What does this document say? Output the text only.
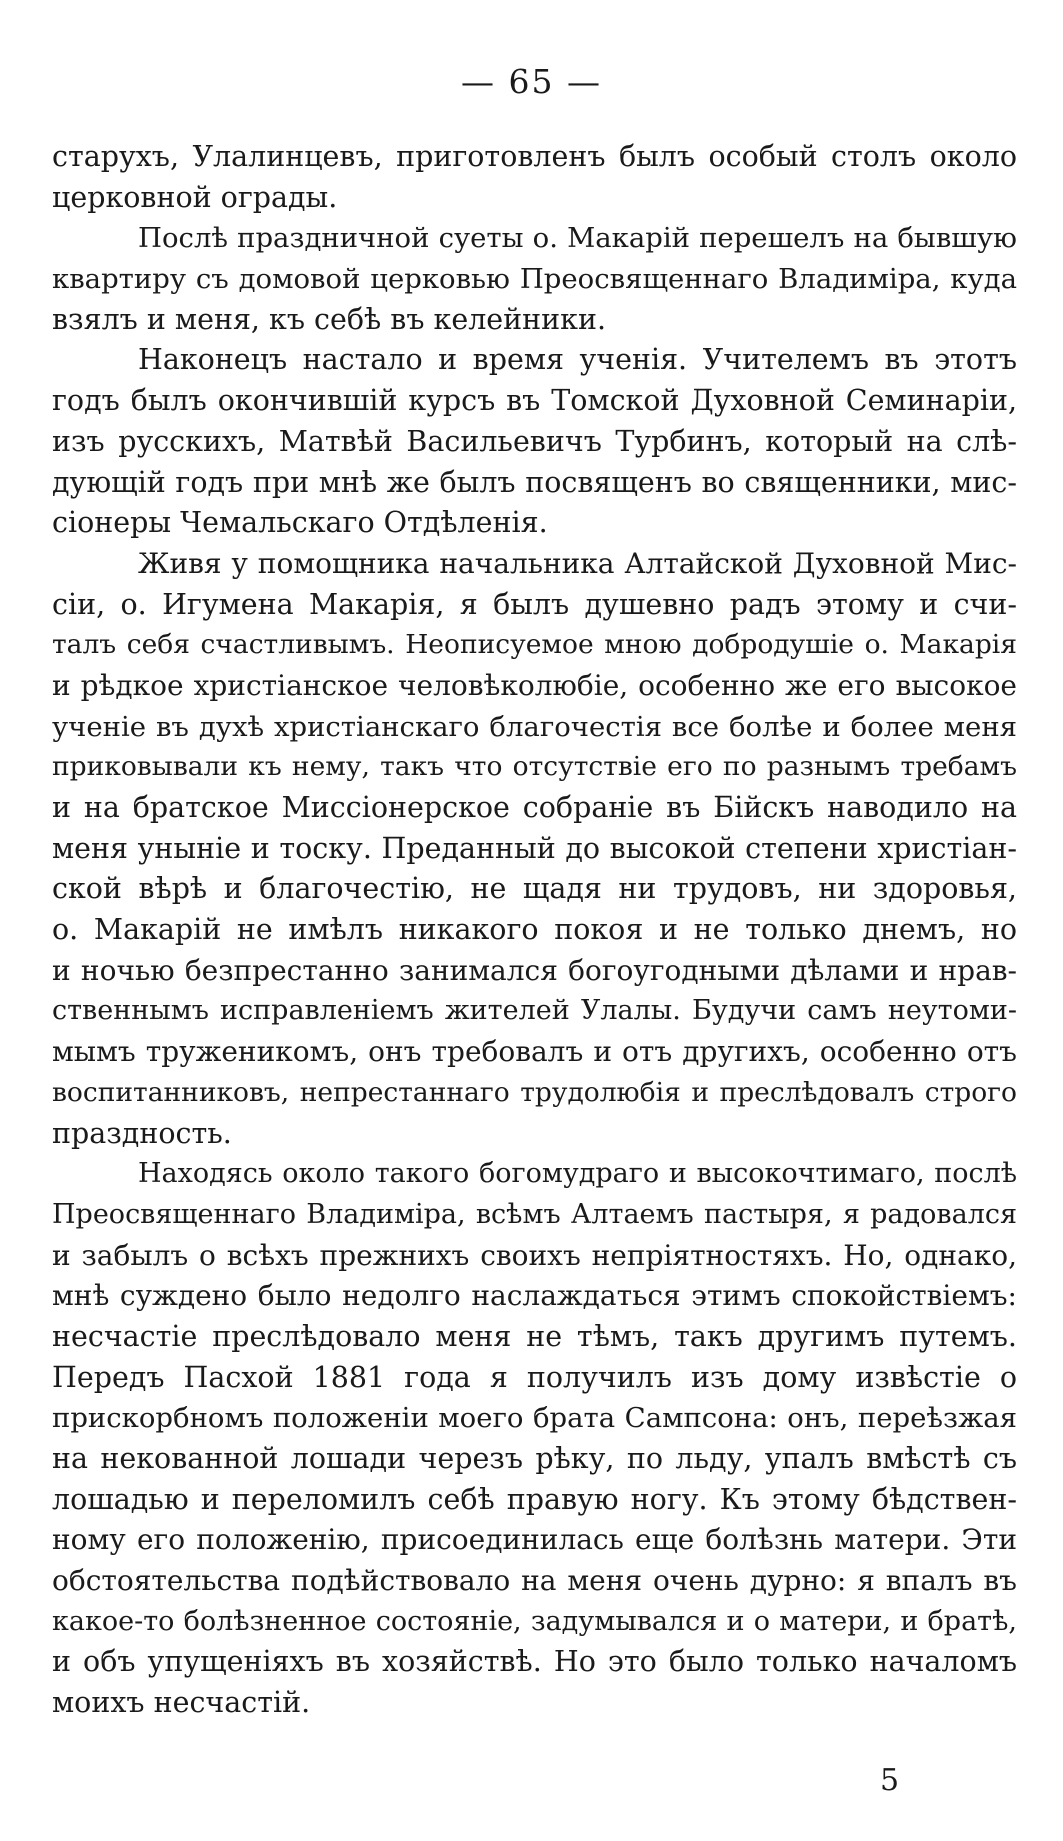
— 65 —
старухъ, Улалинцевъ, приготовленъ былъ особый столъ около
церковной ограды.
Послѣ праздничной суеты о. Макарій перешелъ на бывшую
квартиру съ домовой церковью Преосвященнаго Владиміра, куда
взялъ и меня, къ себѣ въ келейники.
Наконецъ настало и время ученія. Учителемъ въ этотъ
годъ былъ окончившій курсъ въ Томской Духовной Семинаріи,
изъ русскихъ, Матвѣй Васильевичъ Турбинъ, который на слѣ-
дующій годъ при мнѣ же былъ посвященъ во священники, мис-
сіонеры Чемальскаго Отдѣленія.
Живя у помощника начальника Алтайской Духовной Мис-
сіи, о. Игумена Макарія, я былъ душевно радъ этому и счи-
талъ себя счастливымъ. Неописуемое мною добродушіе о. Макарія
и рѣдкое христіанское человѣколюбіе, особенно же его высокое
ученіе въ духѣ христіанскаго благочестія все болѣе и более меня
приковывали къ нему, такъ что отсутствіе его по разнымъ требамъ
и на братское Миссіонерское собраніе въ Бійскъ наводило на
меня уныніе и тоску. Преданный до высокой степени христіан-
ской вѣрѣ и благочестію, не щадя ни трудовъ, ни здоровья,
о. Макарій не имѣлъ никакого покоя и не только днемъ, но
и ночью безпрестанно занимался богоугодными дѣлами и нрав-
ственнымъ исправленіемъ жителей Улалы. Будучи самъ неутоми-
мымъ труженикомъ, онъ требовалъ и отъ другихъ, особенно отъ
воспитанниковъ, непрестаннаго трудолюбія и преслѣдовалъ строго
праздность.
Находясь около такого богомудраго и высокочтимаго, послѣ
Преосвященнаго Владиміра, всѣмъ Алтаемъ пастыря, я радовался
и забылъ о всѣхъ прежнихъ своихъ непріятностяхъ. Но, однако,
мнѣ суждено было недолго наслаждаться этимъ спокойствіемъ:
несчастіе преслѣдовало меня не тѣмъ, такъ другимъ путемъ.
Передъ Пасхой 1881 года я получилъ изъ дому извѣстіе о
прискорбномъ положеніи моего брата Сампсона: онъ, переѣзжая
на некованной лошади черезъ рѣку, по льду, упалъ вмѣстѣ съ
лошадью и переломилъ себѣ правую ногу. Къ этому бѣдствен-
ному его положенію, присоединилась еще болѣзнь матери. Эти
обстоятельства подѣйствовало на меня очень дурно: я впалъ въ
какое-то болѣзненное состояніе, задумывался и о матери, и братѣ,
и объ упущеніяхъ въ хозяйствѣ. Но это было только началомъ
моихъ несчастій.
5
